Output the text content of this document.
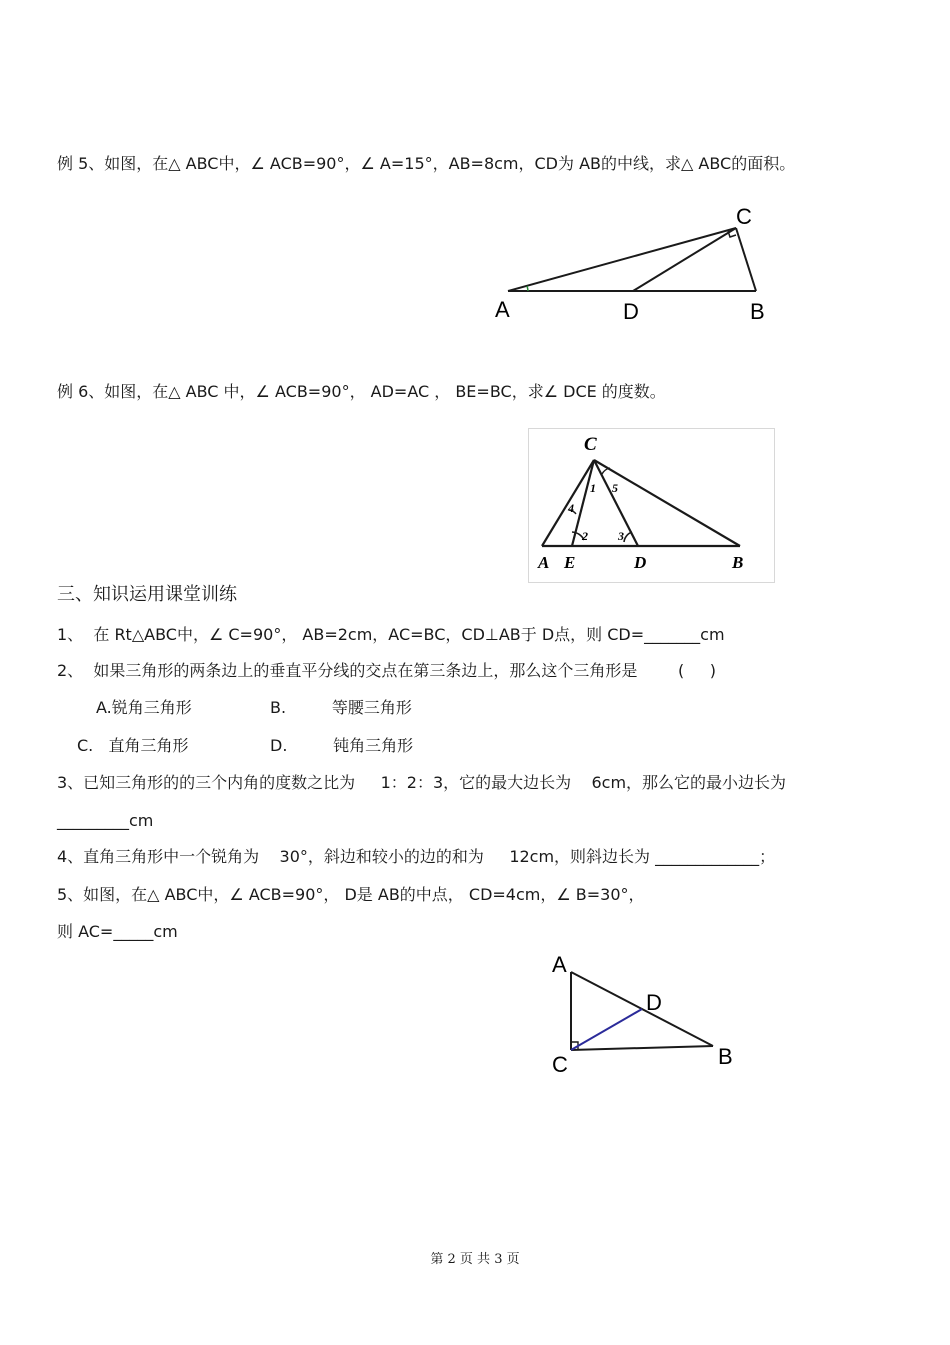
例 5、如图，在△ ABC中，∠ ACB=90°，∠ A=15°，AB=8cm，CD为 AB的中线，求△ ABC的面积。
C
A	D	B
例 6、如图，在△ ABC 中，∠ ACB=90°， AD=AC ， BE=BC，求∠ DCE 的度数。
C
A E	D	B
1 5
4
2	3
三、知识运用课堂训练
1、  在 Rt△ABC中，∠ C=90°， AB=2cm，AC=BC，CD⊥AB于 D点，则 CD=_______cm
2、  如果三角形的两条边上的垂直平分线的交点在第三条边上，那么这个三角形是        (     )
A.锐角三角形	B.         等腰三角形
C.   直角三角形	D.         钝角三角形
3、已知三角形的的三个内角的度数之比为     1：2：3，它的最大边长为    6cm，那么它的最小边长为
_________cm
4、直角三角形中一个锐角为    30°，斜边和较小的边的和为     12cm，则斜边长为 _____________；
5、如图，在△ ABC中，∠ ACB=90°， D是 AB的中点， CD=4cm，∠ B=30°，
则 AC=_____cm
A
D
C	B
第 2 页 共 3 页
